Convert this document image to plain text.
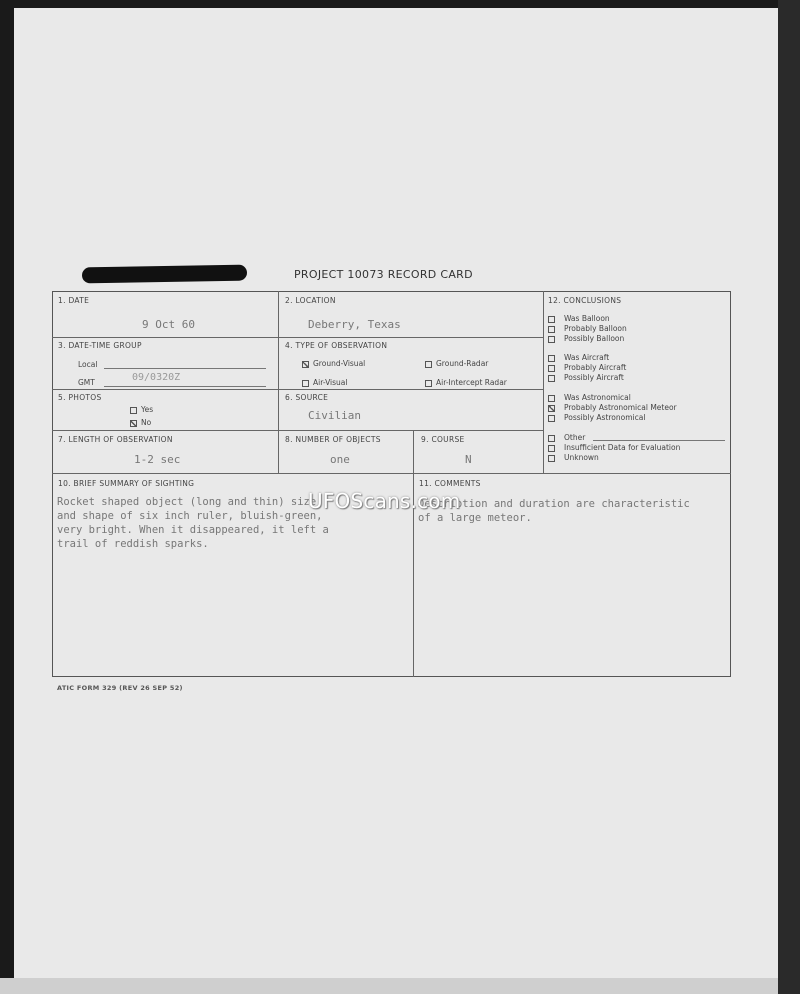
PROJECT 10073 RECORD CARD
1. DATE
9 Oct 60
2. LOCATION
Deberry, Texas
3. DATE-TIME GROUP
Local
GMT	09/0320Z
4. TYPE OF OBSERVATION
Ground-Visual	Ground-Radar
Air-Visual	Air-Intercept Radar
5. PHOTOS
Yes
No
6. SOURCE
Civilian
7. LENGTH OF OBSERVATION
1-2 sec
8. NUMBER OF OBJECTS
one
9. COURSE
N
10. BRIEF SUMMARY OF SIGHTING
Rocket shaped object (long and thin) size
and shape of six inch ruler, bluish-green,
very bright. When it disappeared, it left a
trail of reddish sparks.
11. COMMENTS
Description and duration are characteristic
of a large meteor.
UFOScans.com
12. CONCLUSIONS
Was Balloon
Probably Balloon
Possibly Balloon
Was Aircraft
Probably Aircraft
Possibly Aircraft
Was Astronomical
Probably Astronomical Meteor
Possibly Astronomical
Other
Insufficient Data for Evaluation
Unknown
ATIC FORM 329 (REV 26 SEP 52)
